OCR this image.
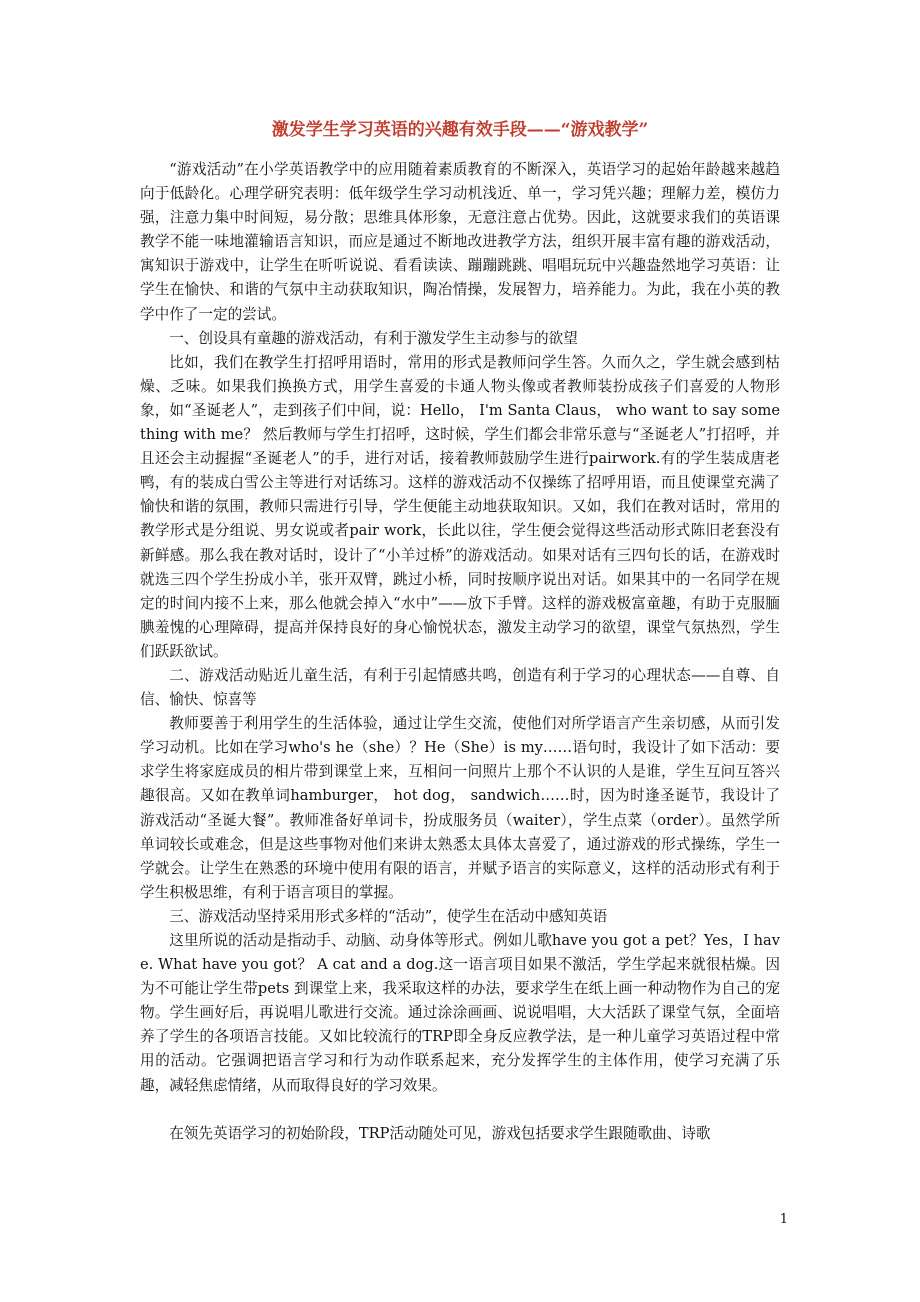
激发学生学习英语的兴趣有效手段——“游戏教学”

“游戏活动”在小学英语教学中的应用随着素质教育的不断深入，英语学习的起始年龄越来越趋向于低龄化。心理学研究表明：低年级学生学习动机浅近、单一，学习凭兴趣；理解力差，模仿力强，注意力集中时间短，易分散；思维具体形象，无意注意占优势。因此，这就要求我们的英语课教学不能一味地灌输语言知识，而应是通过不断地改进教学方法，组织开展丰富有趣的游戏活动，寓知识于游戏中，让学生在听听说说、看看读读、蹦蹦跳跳、唱唱玩玩中兴趣盎然地学习英语：让学生在愉快、和谐的气氛中主动获取知识，陶冶情操，发展智力，培养能力。为此，我在小英的教学中作了一定的尝试。

一、创设具有童趣的游戏活动，有利于激发学生主动参与的欲望

比如，我们在教学生打招呼用语时，常用的形式是教师问学生答。久而久之，学生就会感到枯燥、乏味。如果我们换换方式，用学生喜爱的卡通人物头像或者教师装扮成孩子们喜爱的人物形象，如“圣诞老人”，走到孩子们中间，说：Hello， I'm Santa Claus， who want to say something with me？ 然后教师与学生打招呼，这时候，学生们都会非常乐意与“圣诞老人”打招呼，并且还会主动握握“圣诞老人”的手，进行对话，接着教师鼓励学生进行pairwork.有的学生装成唐老鸭，有的装成白雪公主等进行对话练习。这样的游戏活动不仅操练了招呼用语，而且使课堂充满了愉快和谐的氛围，教师只需进行引导，学生便能主动地获取知识。又如，我们在教对话时，常用的教学形式是分组说、男女说或者pair work，长此以往，学生便会觉得这些活动形式陈旧老套没有新鲜感。那么我在教对话时，设计了“小羊过桥”的游戏活动。如果对话有三四句长的话，在游戏时就选三四个学生扮成小羊，张开双臂，跳过小桥，同时按顺序说出对话。如果其中的一名同学在规定的时间内接不上来，那么他就会掉入“水中”——放下手臂。这样的游戏极富童趣，有助于克服腼腆羞愧的心理障碍，提高并保持良好的身心愉悦状态，激发主动学习的欲望，课堂气氛热烈，学生们跃跃欲试。

二、游戏活动贴近儿童生活，有利于引起情感共鸣，创造有利于学习的心理状态——自尊、自信、愉快、惊喜等

教师要善于利用学生的生活体验，通过让学生交流，使他们对所学语言产生亲切感，从而引发学习动机。比如在学习who's he（she）？He（She）is my……语句时，我设计了如下活动：要求学生将家庭成员的相片带到课堂上来，互相问一问照片上那个不认识的人是谁，学生互问互答兴趣很高。又如在教单词hamburger， hot dog， sandwich……时，因为时逢圣诞节，我设计了游戏活动“圣诞大餐”。教师准备好单词卡，扮成服务员（waiter），学生点菜（order）。虽然学所单词较长或难念，但是这些事物对他们来讲太熟悉太具体太喜爱了，通过游戏的形式操练，学生一学就会。让学生在熟悉的环境中使用有限的语言，并赋予语言的实际意义，这样的活动形式有利于学生积极思维，有利于语言项目的掌握。

三、游戏活动坚持采用形式多样的“活动”，使学生在活动中感知英语

这里所说的活动是指动手、动脑、动身体等形式。例如儿歌have you got a pet？Yes，I have. What have you got？ A cat and a dog.这一语言项目如果不激活，学生学起来就很枯燥。因为不可能让学生带pets 到课堂上来，我采取这样的办法，要求学生在纸上画一种动物作为自己的宠物。学生画好后，再说唱儿歌进行交流。通过涂涂画画、说说唱唱，大大活跃了课堂气氛，全面培养了学生的各项语言技能。又如比较流行的TRP即全身反应教学法，是一种儿童学习英语过程中常用的活动。它强调把语言学习和行为动作联系起来，充分发挥学生的主体作用，使学习充满了乐趣，减轻焦虑情绪，从而取得良好的学习效果。

在领先英语学习的初始阶段，TRP活动随处可见，游戏包括要求学生跟随歌曲、诗歌

1
